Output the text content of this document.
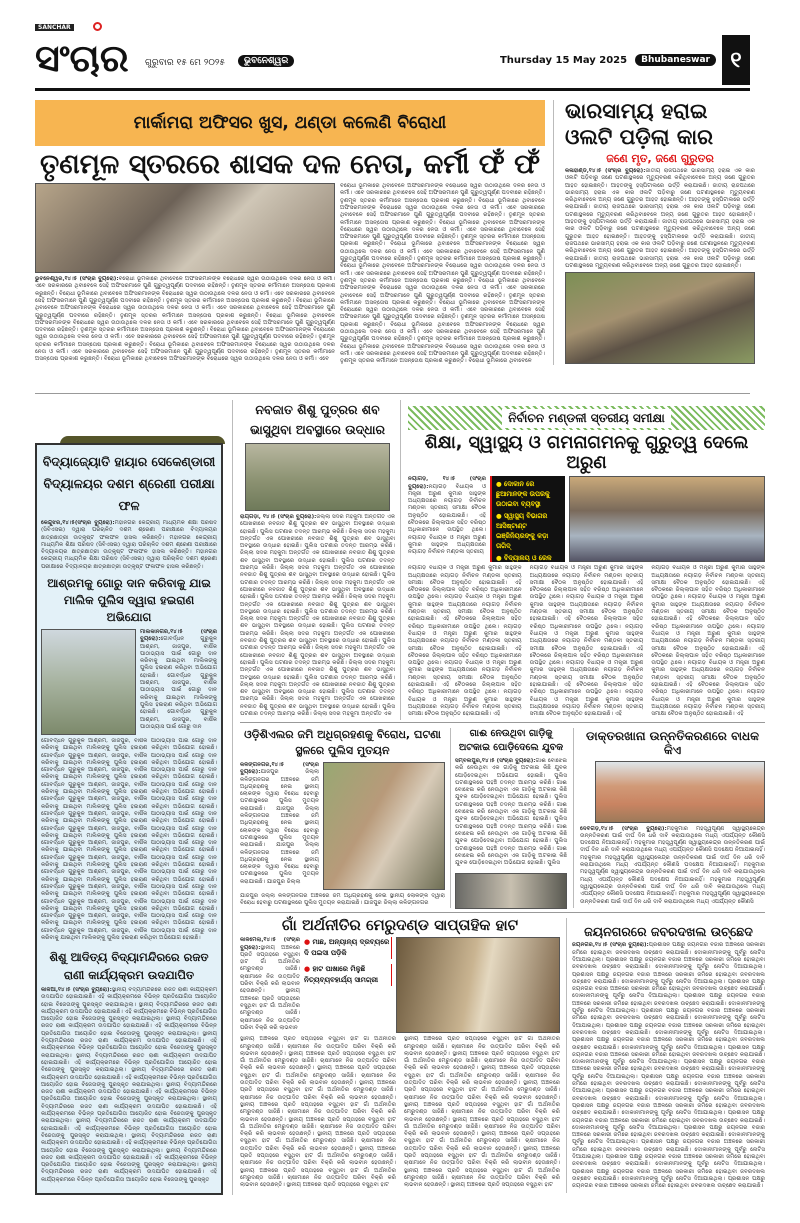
SANCHAR
ସଂଚାର ଗୁରୁବାର ୧୫ ମେ ୨୦୨୫	ଭୁବନେଶ୍ୱର	Thursday 15 May 2025	Bhubaneswar ୧
ମାର୍କାମରା ଅଫିସର ଖୁସ, ଥଣ୍ଡା କଲେଣି ବିରୋଧୀ
ତୃଣମୂଳ ସ୍ତରରେ ଶାସକ ଦଳ ନେତା, କର୍ମୀ ଫଁ ଫଁ
ଭୁବନେଶ୍ୱର,୧୪।୫ (ସଂଚାର ବ୍ୟୁରୋ):ବିରୋଧୀ ଭୂମିକାରେ ଥିବାବେଳେ ଅଫିସରମାନଙ୍କ ବିରୋଧରେ ସ୍ୱର ଉଠାଉଥିଲେ ଦଳର ନେତା ଓ କର୍ମୀ। ଏବେ ସରକାରରେ ଥିବାବେଳେ ସେହି ଅଫିସରମାନେ ପୁଣି ଗୁରୁତ୍ୱପୂର୍ଣ୍ଣ ପଦବୀରେ ରହିଛନ୍ତି। ତୃଣମୂଳ ସ୍ତରର କର୍ମୀମାନେ ଅସନ୍ତୋଷ ପ୍ରକାଶ କରୁଛନ୍ତି। ବିରୋଧୀ ଭୂମିକାରେ ଥିବାବେଳେ ଅଫିସରମାନଙ୍କ ବିରୋଧରେ ସ୍ୱର ଉଠାଉଥିଲେ ଦଳର ନେତା ଓ କର୍ମୀ। ଏବେ ସରକାରରେ ଥିବାବେଳେ ସେହି ଅଫିସରମାନେ ପୁଣି ଗୁରୁତ୍ୱପୂର୍ଣ୍ଣ ପଦବୀରେ ରହିଛନ୍ତି। ତୃଣମୂଳ ସ୍ତରର କର୍ମୀମାନେ ଅସନ୍ତୋଷ ପ୍ରକାଶ କରୁଛନ୍ତି। ବିରୋଧୀ ଭୂମିକାରେ ଥିବାବେଳେ ଅଫିସରମାନଙ୍କ ବିରୋଧରେ ସ୍ୱର ଉଠାଉଥିଲେ ଦଳର ନେତା ଓ କର୍ମୀ। ଏବେ ସରକାରରେ ଥିବାବେଳେ ସେହି ଅଫିସରମାନେ ପୁଣି ଗୁରୁତ୍ୱପୂର୍ଣ୍ଣ ପଦବୀରେ ରହିଛନ୍ତି। ତୃଣମୂଳ ସ୍ତରର କର୍ମୀମାନେ ଅସନ୍ତୋଷ ପ୍ରକାଶ କରୁଛନ୍ତି। ବିରୋଧୀ ଭୂମିକାରେ ଥିବାବେଳେ ଅଫିସରମାନଙ୍କ ବିରୋଧରେ ସ୍ୱର ଉଠାଉଥିଲେ ଦଳର ନେତା ଓ କର୍ମୀ। ଏବେ ସରକାରରେ ଥିବାବେଳେ ସେହି ଅଫିସରମାନେ ପୁଣି ଗୁରୁତ୍ୱପୂର୍ଣ୍ଣ ପଦବୀରେ ରହିଛନ୍ତି। ତୃଣମୂଳ ସ୍ତରର କର୍ମୀମାନେ ଅସନ୍ତୋଷ ପ୍ରକାଶ କରୁଛନ୍ତି। ବିରୋଧୀ ଭୂମିକାରେ ଥିବାବେଳେ ଅଫିସରମାନଙ୍କ ବିରୋଧରେ ସ୍ୱର ଉଠାଉଥିଲେ ଦଳର ନେତା ଓ କର୍ମୀ। ଏବେ ସରକାରରେ ଥିବାବେଳେ ସେହି ଅଫିସରମାନେ ପୁଣି ଗୁରୁତ୍ୱପୂର୍ଣ୍ଣ ପଦବୀରେ ରହିଛନ୍ତି। ତୃଣମୂଳ ସ୍ତରର କର୍ମୀମାନେ ଅସନ୍ତୋଷ ପ୍ରକାଶ କରୁଛନ୍ତି। ବିରୋଧୀ ଭୂମିକାରେ ଥିବାବେଳେ ଅଫିସରମାନଙ୍କ ବିରୋଧରେ ସ୍ୱର ଉଠାଉଥିଲେ ଦଳର ନେତା ଓ କର୍ମୀ। ଏବେ ସରକାରରେ ଥିବାବେଳେ ସେହି ଅଫିସରମାନେ ପୁଣି ଗୁରୁତ୍ୱପୂର୍ଣ୍ଣ ପଦବୀରେ ରହିଛନ୍ତି। ତୃଣମୂଳ ସ୍ତରର କର୍ମୀମାନେ ଅସନ୍ତୋଷ ପ୍ରକାଶ କରୁଛନ୍ତି। ବିରୋଧୀ ଭୂମିକାରେ ଥିବାବେଳେ ଅଫିସରମାନଙ୍କ ବିରୋଧରେ ସ୍ୱର ଉଠାଉଥିଲେ ଦଳର ନେତା ଓ କର୍ମୀ। ଏବେ
ବିରୋଧୀ ଭୂମିକାରେ ଥିବାବେଳେ ଅଫିସରମାନଙ୍କ ବିରୋଧରେ ସ୍ୱର ଉଠାଉଥିଲେ ଦଳର ନେତା ଓ କର୍ମୀ। ଏବେ ସରକାରରେ ଥିବାବେଳେ ସେହି ଅଫିସରମାନେ ପୁଣି ଗୁରୁତ୍ୱପୂର୍ଣ୍ଣ ପଦବୀରେ ରହିଛନ୍ତି। ତୃଣମୂଳ ସ୍ତରର କର୍ମୀମାନେ ଅସନ୍ତୋଷ ପ୍ରକାଶ କରୁଛନ୍ତି। ବିରୋଧୀ ଭୂମିକାରେ ଥିବାବେଳେ ଅଫିସରମାନଙ୍କ ବିରୋଧରେ ସ୍ୱର ଉଠାଉଥିଲେ ଦଳର ନେତା ଓ କର୍ମୀ। ଏବେ ସରକାରରେ ଥିବାବେଳେ ସେହି ଅଫିସରମାନେ ପୁଣି ଗୁରୁତ୍ୱପୂର୍ଣ୍ଣ ପଦବୀରେ ରହିଛନ୍ତି। ତୃଣମୂଳ ସ୍ତରର କର୍ମୀମାନେ ଅସନ୍ତୋଷ ପ୍ରକାଶ କରୁଛନ୍ତି। ବିରୋଧୀ ଭୂମିକାରେ ଥିବାବେଳେ ଅଫିସରମାନଙ୍କ ବିରୋଧରେ ସ୍ୱର ଉଠାଉଥିଲେ ଦଳର ନେତା ଓ କର୍ମୀ। ଏବେ ସରକାରରେ ଥିବାବେଳେ ସେହି ଅଫିସରମାନେ ପୁଣି ଗୁରୁତ୍ୱପୂର୍ଣ୍ଣ ପଦବୀରେ ରହିଛନ୍ତି। ତୃଣମୂଳ ସ୍ତରର କର୍ମୀମାନେ ଅସନ୍ତୋଷ ପ୍ରକାଶ କରୁଛନ୍ତି। ବିରୋଧୀ ଭୂମିକାରେ ଥିବାବେଳେ ଅଫିସରମାନଙ୍କ ବିରୋଧରେ ସ୍ୱର ଉଠାଉଥିଲେ ଦଳର ନେତା ଓ କର୍ମୀ। ଏବେ ସରକାରରେ ଥିବାବେଳେ ସେହି ଅଫିସରମାନେ ପୁଣି ଗୁରୁତ୍ୱପୂର୍ଣ୍ଣ ପଦବୀରେ ରହିଛନ୍ତି। ତୃଣମୂଳ ସ୍ତରର କର୍ମୀମାନେ ଅସନ୍ତୋଷ ପ୍ରକାଶ କରୁଛନ୍ତି। ବିରୋଧୀ ଭୂମିକାରେ ଥିବାବେଳେ ଅଫିସରମାନଙ୍କ ବିରୋଧରେ ସ୍ୱର ଉଠାଉଥିଲେ ଦଳର ନେତା ଓ କର୍ମୀ। ଏବେ ସରକାରରେ ଥିବାବେଳେ ସେହି ଅଫିସରମାନେ ପୁଣି ଗୁରୁତ୍ୱପୂର୍ଣ୍ଣ ପଦବୀରେ ରହିଛନ୍ତି। ତୃଣମୂଳ ସ୍ତରର କର୍ମୀମାନେ ଅସନ୍ତୋଷ ପ୍ରକାଶ କରୁଛନ୍ତି। ବିରୋଧୀ ଭୂମିକାରେ ଥିବାବେଳେ ଅଫିସରମାନଙ୍କ ବିରୋଧରେ ସ୍ୱର ଉଠାଉଥିଲେ ଦଳର ନେତା ଓ କର୍ମୀ। ଏବେ ସରକାରରେ ଥିବାବେଳେ ସେହି ଅଫିସରମାନେ ପୁଣି ଗୁରୁତ୍ୱପୂର୍ଣ୍ଣ ପଦବୀରେ ରହିଛନ୍ତି। ତୃଣମୂଳ ସ୍ତରର କର୍ମୀମାନେ ଅସନ୍ତୋଷ ପ୍ରକାଶ କରୁଛନ୍ତି। ବିରୋଧୀ ଭୂମିକାରେ ଥିବାବେଳେ ଅଫିସରମାନଙ୍କ ବିରୋଧରେ ସ୍ୱର ଉଠାଉଥିଲେ ଦଳର ନେତା ଓ କର୍ମୀ। ଏବେ ସରକାରରେ ଥିବାବେଳେ ସେହି ଅଫିସରମାନେ ପୁଣି ଗୁରୁତ୍ୱପୂର୍ଣ୍ଣ ପଦବୀରେ ରହିଛନ୍ତି। ତୃଣମୂଳ ସ୍ତରର କର୍ମୀମାନେ ଅସନ୍ତୋଷ ପ୍ରକାଶ କରୁଛନ୍ତି। ବିରୋଧୀ ଭୂମିକାରେ ଥିବାବେଳେ ଅଫିସରମାନଙ୍କ ବିରୋଧରେ ସ୍ୱର ଉଠାଉଥିଲେ ଦଳର ନେତା ଓ କର୍ମୀ। ଏବେ ସରକାରରେ ଥିବାବେଳେ ସେହି ଅଫିସରମାନେ ପୁଣି ଗୁରୁତ୍ୱପୂର୍ଣ୍ଣ ପଦବୀରେ ରହିଛନ୍ତି। ତୃଣମୂଳ ସ୍ତରର କର୍ମୀମାନେ ଅସନ୍ତୋଷ ପ୍ରକାଶ କରୁଛନ୍ତି। ବିରୋଧୀ ଭୂମିକାରେ ଥିବାବେଳେ ଅଫିସରମାନଙ୍କ ବିରୋଧରେ ସ୍ୱର ଉଠାଉଥିଲେ ଦଳର ନେତା ଓ କର୍ମୀ। ଏବେ ସରକାରରେ ଥିବାବେଳେ ସେହି ଅଫିସରମାନେ ପୁଣି ଗୁରୁତ୍ୱପୂର୍ଣ୍ଣ ପଦବୀରେ ରହିଛନ୍ତି। ତୃଣମୂଳ ସ୍ତରର କର୍ମୀମାନେ ଅସନ୍ତୋଷ ପ୍ରକାଶ କରୁଛନ୍ତି। ବିରୋଧୀ ଭୂମିକାରେ ଥିବାବେଳେ
ଭାରସାମ୍ୟ ହରାଇ ଓଲଟି ପଡ଼ିଲା କାର
ଜଣେ ମୃତ, ଜଣେ ଗୁରୁତର
କଳାହାଣ୍ଡି,୧୪।୫ (ସଂଚାର ବ୍ୟୁରୋ):ଜାତୀୟ ରାଜପଥରେ ଭାରସାମ୍ୟ ହରାଇ ଏକ କାର ଓଲଟି ପଡ଼ିବାରୁ ଜଣେ ଘଟଣାସ୍ଥଳରେ ମୃତ୍ୟୁବରଣ କରିଥିବାବେଳେ ଅନ୍ୟ ଜଣେ ଗୁରୁତର ଆହତ ହୋଇଛନ୍ତି। ଆହତଙ୍କୁ ହସ୍ପିଟାଲରେ ଭର୍ତ୍ତି କରାଯାଇଛି। ଜାତୀୟ ରାଜପଥରେ ଭାରସାମ୍ୟ ହରାଇ ଏକ କାର ଓଲଟି ପଡ଼ିବାରୁ ଜଣେ ଘଟଣାସ୍ଥଳରେ ମୃତ୍ୟୁବରଣ କରିଥିବାବେଳେ ଅନ୍ୟ ଜଣେ ଗୁରୁତର ଆହତ ହୋଇଛନ୍ତି। ଆହତଙ୍କୁ ହସ୍ପିଟାଲରେ ଭର୍ତ୍ତି କରାଯାଇଛି। ଜାତୀୟ ରାଜପଥରେ ଭାରସାମ୍ୟ ହରାଇ ଏକ କାର ଓଲଟି ପଡ଼ିବାରୁ ଜଣେ ଘଟଣାସ୍ଥଳରେ ମୃତ୍ୟୁବରଣ କରିଥିବାବେଳେ ଅନ୍ୟ ଜଣେ ଗୁରୁତର ଆହତ ହୋଇଛନ୍ତି। ଆହତଙ୍କୁ ହସ୍ପିଟାଲରେ ଭର୍ତ୍ତି କରାଯାଇଛି। ଜାତୀୟ ରାଜପଥରେ ଭାରସାମ୍ୟ ହରାଇ ଏକ କାର ଓଲଟି ପଡ଼ିବାରୁ ଜଣେ ଘଟଣାସ୍ଥଳରେ ମୃତ୍ୟୁବରଣ କରିଥିବାବେଳେ ଅନ୍ୟ ଜଣେ ଗୁରୁତର ଆହତ ହୋଇଛନ୍ତି। ଆହତଙ୍କୁ ହସ୍ପିଟାଲରେ ଭର୍ତ୍ତି କରାଯାଇଛି। ଜାତୀୟ ରାଜପଥରେ ଭାରସାମ୍ୟ ହରାଇ ଏକ କାର ଓଲଟି ପଡ଼ିବାରୁ ଜଣେ ଘଟଣାସ୍ଥଳରେ ମୃତ୍ୟୁବରଣ କରିଥିବାବେଳେ ଅନ୍ୟ ଜଣେ ଗୁରୁତର ଆହତ ହୋଇଛନ୍ତି। ଆହତଙ୍କୁ ହସ୍ପିଟାଲରେ ଭର୍ତ୍ତି କରାଯାଇଛି। ଜାତୀୟ ରାଜପଥରେ ଭାରସାମ୍ୟ ହରାଇ ଏକ କାର ଓଲଟି ପଡ଼ିବାରୁ ଜଣେ ଘଟଣାସ୍ଥଳରେ ମୃତ୍ୟୁବରଣ କରିଥିବାବେଳେ ଅନ୍ୟ ଜଣେ ଗୁରୁତର ଆହତ ହୋଇଛନ୍ତି।
ବିଦ୍ୟାଜ୍ୟୋତି ହାୟାର ସେକେଣ୍ଡାରୀ ବିଦ୍ୟାଳୟର ଦଶମ ଶ୍ରେଣୀ ପରୀକ୍ଷା ଫଳ
କେନ୍ଦୁଝର,୧୪।୫(ସଂଚାର ବ୍ୟୁରୋ):ମହାନଗର କେନ୍ଦ୍ରୀୟ ମାଧ୍ୟମିକ ଶିକ୍ଷା ପରିଷଦ (ସିବିଏସଇ) ଦ୍ୱାରା ପରିଚାଳିତ ଦଶମ ଶ୍ରେଣୀ ପରୀକ୍ଷାରେ ବିଦ୍ୟାଳୟର ଛାତ୍ରଛାତ୍ରୀ ଉତ୍କୃଷ୍ଟ ଫଳାଫଳ ହାସଲ କରିଛନ୍ତି। ମହାନଗର କେନ୍ଦ୍ରୀୟ ମାଧ୍ୟମିକ ଶିକ୍ଷା ପରିଷଦ (ସିବିଏସଇ) ଦ୍ୱାରା ପରିଚାଳିତ ଦଶମ ଶ୍ରେଣୀ ପରୀକ୍ଷାରେ ବିଦ୍ୟାଳୟର ଛାତ୍ରଛାତ୍ରୀ ଉତ୍କୃଷ୍ଟ ଫଳାଫଳ ହାସଲ କରିଛନ୍ତି। ମହାନଗର କେନ୍ଦ୍ରୀୟ ମାଧ୍ୟମିକ ଶିକ୍ଷା ପରିଷଦ (ସିବିଏସଇ) ଦ୍ୱାରା ପରିଚାଳିତ ଦଶମ ଶ୍ରେଣୀ ପରୀକ୍ଷାରେ ବିଦ୍ୟାଳୟର ଛାତ୍ରଛାତ୍ରୀ ଉତ୍କୃଷ୍ଟ ଫଳାଫଳ ହାସଲ କରିଛନ୍ତି।
ଆଶ୍ରମକୁ ଗୋରୁ ଦାନ କରିବାକୁ ଯାଇ ମାଲିକ ପୁଲିସ ଦ୍ୱାରା ହଇରାଣ ଅଭିଯୋଗ
ମାଲକାନଗିରି,୧୪।୫ (ସଂଚାର ବ୍ୟୁରୋ):ଗୋବର୍ଦ୍ଧନ ଗୁରୁକୁଳ ଆଶ୍ରମ, ଜାଜପୁର, ବାର୍ଷିକ ପାଠାଭ୍ୟାସ ପାଇଁ ଗୋରୁ ଦାନ କରିବାକୁ ଯାଇଥିବା ମାଲିକଙ୍କୁ ପୁଲିସ ହଇରାଣ କରିଥିବା ଅଭିଯୋଗ ହୋଇଛି। ଗୋବର୍ଦ୍ଧନ ଗୁରୁକୁଳ ଆଶ୍ରମ, ଜାଜପୁର, ବାର୍ଷିକ ପାଠାଭ୍ୟାସ ପାଇଁ ଗୋରୁ ଦାନ କରିବାକୁ ଯାଇଥିବା ମାଲିକଙ୍କୁ ପୁଲିସ ହଇରାଣ କରିଥିବା ଅଭିଯୋଗ ହୋଇଛି। ଗୋବର୍ଦ୍ଧନ ଗୁରୁକୁଳ ଆଶ୍ରମ, ଜାଜପୁର, ବାର୍ଷିକ ପାଠାଭ୍ୟାସ ପାଇଁ ଗୋରୁ ଦାନ
ଗୋବର୍ଦ୍ଧନ ଗୁରୁକୁଳ ଆଶ୍ରମ, ଜାଜପୁର, ବାର୍ଷିକ ପାଠାଭ୍ୟାସ ପାଇଁ ଗୋରୁ ଦାନ କରିବାକୁ ଯାଇଥିବା ମାଲିକଙ୍କୁ ପୁଲିସ ହଇରାଣ କରିଥିବା ଅଭିଯୋଗ ହୋଇଛି। ଗୋବର୍ଦ୍ଧନ ଗୁରୁକୁଳ ଆଶ୍ରମ, ଜାଜପୁର, ବାର୍ଷିକ ପାଠାଭ୍ୟାସ ପାଇଁ ଗୋରୁ ଦାନ କରିବାକୁ ଯାଇଥିବା ମାଲିକଙ୍କୁ ପୁଲିସ ହଇରାଣ କରିଥିବା ଅଭିଯୋଗ ହୋଇଛି। ଗୋବର୍ଦ୍ଧନ ଗୁରୁକୁଳ ଆଶ୍ରମ, ଜାଜପୁର, ବାର୍ଷିକ ପାଠାଭ୍ୟାସ ପାଇଁ ଗୋରୁ ଦାନ କରିବାକୁ ଯାଇଥିବା ମାଲିକଙ୍କୁ ପୁଲିସ ହଇରାଣ କରିଥିବା ଅଭିଯୋଗ ହୋଇଛି। ଗୋବର୍ଦ୍ଧନ ଗୁରୁକୁଳ ଆଶ୍ରମ, ଜାଜପୁର, ବାର୍ଷିକ ପାଠାଭ୍ୟାସ ପାଇଁ ଗୋରୁ ଦାନ କରିବାକୁ ଯାଇଥିବା ମାଲିକଙ୍କୁ ପୁଲିସ ହଇରାଣ କରିଥିବା ଅଭିଯୋଗ ହୋଇଛି। ଗୋବର୍ଦ୍ଧନ ଗୁରୁକୁଳ ଆଶ୍ରମ, ଜାଜପୁର, ବାର୍ଷିକ ପାଠାଭ୍ୟାସ ପାଇଁ ଗୋରୁ ଦାନ କରିବାକୁ ଯାଇଥିବା ମାଲିକଙ୍କୁ ପୁଲିସ ହଇରାଣ କରିଥିବା ଅଭିଯୋଗ ହୋଇଛି। ଗୋବର୍ଦ୍ଧନ ଗୁରୁକୁଳ ଆଶ୍ରମ, ଜାଜପୁର, ବାର୍ଷିକ ପାଠାଭ୍ୟାସ ପାଇଁ ଗୋରୁ ଦାନ କରିବାକୁ ଯାଇଥିବା ମାଲିକଙ୍କୁ ପୁଲିସ ହଇରାଣ କରିଥିବା ଅଭିଯୋଗ ହୋଇଛି। ଗୋବର୍ଦ୍ଧନ ଗୁରୁକୁଳ ଆଶ୍ରମ, ଜାଜପୁର, ବାର୍ଷିକ ପାଠାଭ୍ୟାସ ପାଇଁ ଗୋରୁ ଦାନ କରିବାକୁ ଯାଇଥିବା ମାଲିକଙ୍କୁ ପୁଲିସ ହଇରାଣ କରିଥିବା ଅଭିଯୋଗ ହୋଇଛି। ଗୋବର୍ଦ୍ଧନ ଗୁରୁକୁଳ ଆଶ୍ରମ, ଜାଜପୁର, ବାର୍ଷିକ ପାଠାଭ୍ୟାସ ପାଇଁ ଗୋରୁ ଦାନ କରିବାକୁ ଯାଇଥିବା ମାଲିକଙ୍କୁ ପୁଲିସ ହଇରାଣ କରିଥିବା ଅଭିଯୋଗ ହୋଇଛି। ଗୋବର୍ଦ୍ଧନ ଗୁରୁକୁଳ ଆଶ୍ରମ, ଜାଜପୁର, ବାର୍ଷିକ ପାଠାଭ୍ୟାସ ପାଇଁ ଗୋରୁ ଦାନ କରିବାକୁ ଯାଇଥିବା ମାଲିକଙ୍କୁ ପୁଲିସ ହଇରାଣ କରିଥିବା ଅଭିଯୋଗ ହୋଇଛି। ଗୋବର୍ଦ୍ଧନ ଗୁରୁକୁଳ ଆଶ୍ରମ, ଜାଜପୁର, ବାର୍ଷିକ ପାଠାଭ୍ୟାସ ପାଇଁ ଗୋରୁ ଦାନ କରିବାକୁ ଯାଇଥିବା ମାଲିକଙ୍କୁ ପୁଲିସ ହଇରାଣ କରିଥିବା ଅଭିଯୋଗ ହୋଇଛି। ଗୋବର୍ଦ୍ଧନ ଗୁରୁକୁଳ ଆଶ୍ରମ, ଜାଜପୁର, ବାର୍ଷିକ ପାଠାଭ୍ୟାସ ପାଇଁ ଗୋରୁ ଦାନ କରିବାକୁ ଯାଇଥିବା ମାଲିକଙ୍କୁ ପୁଲିସ ହଇରାଣ କରିଥିବା ଅଭିଯୋଗ ହୋଇଛି। ଗୋବର୍ଦ୍ଧନ ଗୁରୁକୁଳ ଆଶ୍ରମ, ଜାଜପୁର, ବାର୍ଷିକ ପାଠାଭ୍ୟାସ ପାଇଁ ଗୋରୁ ଦାନ କରିବାକୁ ଯାଇଥିବା ମାଲିକଙ୍କୁ ପୁଲିସ ହଇରାଣ କରିଥିବା ଅଭିଯୋଗ ହୋଇଛି। ଗୋବର୍ଦ୍ଧନ ଗୁରୁକୁଳ ଆଶ୍ରମ, ଜାଜପୁର, ବାର୍ଷିକ ପାଠାଭ୍ୟାସ ପାଇଁ ଗୋରୁ ଦାନ କରିବାକୁ ଯାଇଥିବା ମାଲିକଙ୍କୁ ପୁଲିସ ହଇରାଣ କରିଥିବା ଅଭିଯୋଗ ହୋଇଛି। ଗୋବର୍ଦ୍ଧନ ଗୁରୁକୁଳ ଆଶ୍ରମ, ଜାଜପୁର, ବାର୍ଷିକ ପାଠାଭ୍ୟାସ ପାଇଁ ଗୋରୁ ଦାନ କରିବାକୁ ଯାଇଥିବା ମାଲିକଙ୍କୁ ପୁଲିସ ହଇରାଣ କରିଥିବା ଅଭିଯୋଗ ହୋଇଛି।
ଶିଶୁ ଆଦିତ୍ୟ ବିଦ୍ୟାମନ୍ଦିରରେ ରଜତ ରାଣୀ କାର୍ଯ୍ୟକ୍ରମ ଉଦଯାପିତ
କାଳିଆ,୧୪।୫ (ସଂଚାର ବ୍ୟୁରୋ):ସ୍ଥାନୀୟ ବିଦ୍ୟାମନ୍ଦିରରେ ରଜତ ରାଣୀ କାର୍ଯ୍ୟକ୍ରମ ଉଦଯାପିତ ହୋଇଯାଇଛି। ଏହି କାର୍ଯ୍ୟକ୍ରମରେ ବିଭିନ୍ନ ପ୍ରତିଯୋଗିତା ଆୟୋଜିତ ହୋଇ ବିଜେତାଙ୍କୁ ପୁରସ୍କୃତ କରାଯାଇଥିଲା। ସ୍ଥାନୀୟ ବିଦ୍ୟାମନ୍ଦିରରେ ରଜତ ରାଣୀ କାର୍ଯ୍ୟକ୍ରମ ଉଦଯାପିତ ହୋଇଯାଇଛି। ଏହି କାର୍ଯ୍ୟକ୍ରମରେ ବିଭିନ୍ନ ପ୍ରତିଯୋଗିତା ଆୟୋଜିତ ହୋଇ ବିଜେତାଙ୍କୁ ପୁରସ୍କୃତ କରାଯାଇଥିଲା। ସ୍ଥାନୀୟ ବିଦ୍ୟାମନ୍ଦିରରେ ରଜତ ରାଣୀ କାର୍ଯ୍ୟକ୍ରମ ଉଦଯାପିତ ହୋଇଯାଇଛି। ଏହି କାର୍ଯ୍ୟକ୍ରମରେ ବିଭିନ୍ନ ପ୍ରତିଯୋଗିତା ଆୟୋଜିତ ହୋଇ ବିଜେତାଙ୍କୁ ପୁରସ୍କୃତ କରାଯାଇଥିଲା। ସ୍ଥାନୀୟ ବିଦ୍ୟାମନ୍ଦିରରେ ରଜତ ରାଣୀ କାର୍ଯ୍ୟକ୍ରମ ଉଦଯାପିତ ହୋଇଯାଇଛି। ଏହି କାର୍ଯ୍ୟକ୍ରମରେ ବିଭିନ୍ନ ପ୍ରତିଯୋଗିତା ଆୟୋଜିତ ହୋଇ ବିଜେତାଙ୍କୁ ପୁରସ୍କୃତ କରାଯାଇଥିଲା। ସ୍ଥାନୀୟ ବିଦ୍ୟାମନ୍ଦିରରେ ରଜତ ରାଣୀ କାର୍ଯ୍ୟକ୍ରମ ଉଦଯାପିତ ହୋଇଯାଇଛି। ଏହି କାର୍ଯ୍ୟକ୍ରମରେ ବିଭିନ୍ନ ପ୍ରତିଯୋଗିତା ଆୟୋଜିତ ହୋଇ ବିଜେତାଙ୍କୁ ପୁରସ୍କୃତ କରାଯାଇଥିଲା। ସ୍ଥାନୀୟ ବିଦ୍ୟାମନ୍ଦିରରେ ରଜତ ରାଣୀ କାର୍ଯ୍ୟକ୍ରମ ଉଦଯାପିତ ହୋଇଯାଇଛି। ଏହି କାର୍ଯ୍ୟକ୍ରମରେ ବିଭିନ୍ନ ପ୍ରତିଯୋଗିତା ଆୟୋଜିତ ହୋଇ ବିଜେତାଙ୍କୁ ପୁରସ୍କୃତ କରାଯାଇଥିଲା। ସ୍ଥାନୀୟ ବିଦ୍ୟାମନ୍ଦିରରେ ରଜତ ରାଣୀ କାର୍ଯ୍ୟକ୍ରମ ଉଦଯାପିତ ହୋଇଯାଇଛି। ଏହି କାର୍ଯ୍ୟକ୍ରମରେ ବିଭିନ୍ନ ପ୍ରତିଯୋଗିତା ଆୟୋଜିତ ହୋଇ ବିଜେତାଙ୍କୁ ପୁରସ୍କୃତ କରାଯାଇଥିଲା। ସ୍ଥାନୀୟ ବିଦ୍ୟାମନ୍ଦିରରେ ରଜତ ରାଣୀ କାର୍ଯ୍ୟକ୍ରମ ଉଦଯାପିତ ହୋଇଯାଇଛି। ଏହି କାର୍ଯ୍ୟକ୍ରମରେ ବିଭିନ୍ନ ପ୍ରତିଯୋଗିତା ଆୟୋଜିତ ହୋଇ ବିଜେତାଙ୍କୁ ପୁରସ୍କୃତ କରାଯାଇଥିଲା। ସ୍ଥାନୀୟ ବିଦ୍ୟାମନ୍ଦିରରେ ରଜତ ରାଣୀ କାର୍ଯ୍ୟକ୍ରମ ଉଦଯାପିତ ହୋଇଯାଇଛି। ଏହି କାର୍ଯ୍ୟକ୍ରମରେ ବିଭିନ୍ନ ପ୍ରତିଯୋଗିତା ଆୟୋଜିତ ହୋଇ ବିଜେତାଙ୍କୁ ପୁରସ୍କୃତ କରାଯାଇଥିଲା। ସ୍ଥାନୀୟ ବିଦ୍ୟାମନ୍ଦିରରେ ରଜତ ରାଣୀ କାର୍ଯ୍ୟକ୍ରମ ଉଦଯାପିତ ହୋଇଯାଇଛି। ଏହି କାର୍ଯ୍ୟକ୍ରମରେ ବିଭିନ୍ନ ପ୍ରତିଯୋଗିତା ଆୟୋଜିତ ହୋଇ ବିଜେତାଙ୍କୁ ପୁରସ୍କୃତ କରାଯାଇଥିଲା। ସ୍ଥାନୀୟ ବିଦ୍ୟାମନ୍ଦିରରେ ରଜତ ରାଣୀ କାର୍ଯ୍ୟକ୍ରମ ଉଦଯାପିତ ହୋଇଯାଇଛି। ଏହି କାର୍ଯ୍ୟକ୍ରମରେ ବିଭିନ୍ନ ପ୍ରତିଯୋଗିତା ଆୟୋଜିତ ହୋଇ ବିଜେତାଙ୍କୁ ପୁରସ୍କୃତ କରାଯାଇଥିଲା। ସ୍ଥାନୀୟ ବିଦ୍ୟାମନ୍ଦିରରେ ରଜତ ରାଣୀ କାର୍ଯ୍ୟକ୍ରମ ଉଦଯାପିତ ହୋଇଯାଇଛି। ଏହି କାର୍ଯ୍ୟକ୍ରମରେ ବିଭିନ୍ନ ପ୍ରତିଯୋଗିତା ଆୟୋଜିତ ହୋଇ ବିଜେତାଙ୍କୁ ପୁରସ୍କୃତ
ନବଜାତ ଶିଶୁ ପୁତ୍ରର ଶବ ଭାସୁଥିବା ଅବସ୍ଥାରେ ଉଦ୍ଧାର
ରାୟଗଡ଼ା, ୧୪।୫ (ସଂଚାର ବ୍ୟୁରୋ):ଜିଲ୍ଲା ସଦର ମହକୁମା ଅନ୍ତର୍ଗତ ଏକ ପୋଖରୀରେ ନବଜାତ ଶିଶୁ ପୁତ୍ରର ଶବ ଭାସୁଥିବା ଅବସ୍ଥାରେ ଉଦ୍ଧାର ହୋଇଛି। ପୁଲିସ ଘଟଣାର ତଦନ୍ତ ଆରମ୍ଭ କରିଛି। ଜିଲ୍ଲା ସଦର ମହକୁମା ଅନ୍ତର୍ଗତ ଏକ ପୋଖରୀରେ ନବଜାତ ଶିଶୁ ପୁତ୍ରର ଶବ ଭାସୁଥିବା ଅବସ୍ଥାରେ ଉଦ୍ଧାର ହୋଇଛି। ପୁଲିସ ଘଟଣାର ତଦନ୍ତ ଆରମ୍ଭ କରିଛି। ଜିଲ୍ଲା ସଦର ମହକୁମା ଅନ୍ତର୍ଗତ ଏକ ପୋଖରୀରେ ନବଜାତ ଶିଶୁ ପୁତ୍ରର ଶବ ଭାସୁଥିବା ଅବସ୍ଥାରେ ଉଦ୍ଧାର ହୋଇଛି। ପୁଲିସ ଘଟଣାର ତଦନ୍ତ ଆରମ୍ଭ କରିଛି। ଜିଲ୍ଲା ସଦର ମହକୁମା ଅନ୍ତର୍ଗତ ଏକ ପୋଖରୀରେ ନବଜାତ ଶିଶୁ ପୁତ୍ରର ଶବ ଭାସୁଥିବା ଅବସ୍ଥାରେ ଉଦ୍ଧାର ହୋଇଛି। ପୁଲିସ ଘଟଣାର ତଦନ୍ତ ଆରମ୍ଭ କରିଛି। ଜିଲ୍ଲା ସଦର ମହକୁମା ଅନ୍ତର୍ଗତ ଏକ ପୋଖରୀରେ ନବଜାତ ଶିଶୁ ପୁତ୍ରର ଶବ ଭାସୁଥିବା ଅବସ୍ଥାରେ ଉଦ୍ଧାର ହୋଇଛି। ପୁଲିସ ଘଟଣାର ତଦନ୍ତ ଆରମ୍ଭ କରିଛି। ଜିଲ୍ଲା ସଦର ମହକୁମା ଅନ୍ତର୍ଗତ ଏକ ପୋଖରୀରେ ନବଜାତ ଶିଶୁ ପୁତ୍ରର ଶବ ଭାସୁଥିବା ଅବସ୍ଥାରେ ଉଦ୍ଧାର ହୋଇଛି। ପୁଲିସ ଘଟଣାର ତଦନ୍ତ ଆରମ୍ଭ କରିଛି। ଜିଲ୍ଲା ସଦର ମହକୁମା ଅନ୍ତର୍ଗତ ଏକ ପୋଖରୀରେ ନବଜାତ ଶିଶୁ ପୁତ୍ରର ଶବ ଭାସୁଥିବା ଅବସ୍ଥାରେ ଉଦ୍ଧାର ହୋଇଛି। ପୁଲିସ ଘଟଣାର ତଦନ୍ତ ଆରମ୍ଭ କରିଛି। ଜିଲ୍ଲା ସଦର ମହକୁମା ଅନ୍ତର୍ଗତ ଏକ ପୋଖରୀରେ ନବଜାତ ଶିଶୁ ପୁତ୍ରର ଶବ ଭାସୁଥିବା ଅବସ୍ଥାରେ ଉଦ୍ଧାର ହୋଇଛି। ପୁଲିସ ଘଟଣାର ତଦନ୍ତ ଆରମ୍ଭ କରିଛି। ଜିଲ୍ଲା ସଦର ମହକୁମା ଅନ୍ତର୍ଗତ ଏକ ପୋଖରୀରେ ନବଜାତ ଶିଶୁ ପୁତ୍ରର ଶବ ଭାସୁଥିବା ଅବସ୍ଥାରେ ଉଦ୍ଧାର ହୋଇଛି। ପୁଲିସ ଘଟଣାର ତଦନ୍ତ ଆରମ୍ଭ କରିଛି। ଜିଲ୍ଲା ସଦର ମହକୁମା ଅନ୍ତର୍ଗତ ଏକ ପୋଖରୀରେ ନବଜାତ ଶିଶୁ ପୁତ୍ରର ଶବ ଭାସୁଥିବା ଅବସ୍ଥାରେ ଉଦ୍ଧାର ହୋଇଛି। ପୁଲିସ ଘଟଣାର ତଦନ୍ତ ଆରମ୍ଭ କରିଛି। ଜିଲ୍ଲା ସଦର ମହକୁମା ଅନ୍ତର୍ଗତ ଏକ ପୋଖରୀରେ ନବଜାତ ଶିଶୁ ପୁତ୍ରର ଶବ ଭାସୁଥିବା ଅବସ୍ଥାରେ ଉଦ୍ଧାର ହୋଇଛି। ପୁଲିସ ଘଟଣାର ତଦନ୍ତ ଆରମ୍ଭ କରିଛି। ଜିଲ୍ଲା ସଦର ମହକୁମା ଅନ୍ତର୍ଗତ ଏକ ପୋଖରୀରେ ନବଜାତ ଶିଶୁ ପୁତ୍ରର ଶବ ଭାସୁଥିବା ଅବସ୍ଥାରେ ଉଦ୍ଧାର ହୋଇଛି। ପୁଲିସ ଘଟଣାର ତଦନ୍ତ ଆରମ୍ଭ କରିଛି। ଜିଲ୍ଲା ସଦର ମହକୁମା ଅନ୍ତର୍ଗତ ଏକ
ନିର୍ବାଚନ ମଣ୍ଡଳୀ ସ୍ତରୀୟ ସମୀକ୍ଷା
ଶିକ୍ଷା, ସ୍ୱାସ୍ଥ୍ୟ ଓ ଗମନାଗମନକୁ ଗୁରୁତ୍ୱ ଦେଲେ ଅରୁଣ
ନୟାଗଡ଼, ୧୪।୫ (ସଂଚାର ବ୍ୟୁରୋ):ନୟାଗଡ଼ ବିଧାୟକ ଓ ମନ୍ତ୍ରୀ ଅରୁଣ କୁମାର ସାହୁଙ୍କ ଅଧ୍ୟକ୍ଷତାରେ ନୟାଗଡ଼ ନିର୍ବାଚନ ମଣ୍ଡଳୀ ସ୍ତରୀୟ ସମୀକ୍ଷା ବୈଠକ ଅନୁଷ୍ଠିତ ହୋଇଯାଇଛି। ଏହି ବୈଠକରେ ଜିଲ୍ଲାପାଳ ସହିତ ବରିଷ୍ଠ ଅଧିକାରୀମାନେ ଉପସ୍ଥିତ ଥିଲେ। ନୟାଗଡ଼ ବିଧାୟକ ଓ ମନ୍ତ୍ରୀ ଅରୁଣ କୁମାର ସାହୁଙ୍କ ଅଧ୍ୟକ୍ଷତାରେ ନୟାଗଡ଼ ନିର୍ବାଚନ ମଣ୍ଡଳୀ ସ୍ତରୀୟ
● ଦୋକାନ ରେ ଛୁଆମାନଙ୍କ ଉପରକୁ ଉଠାଇବା ବ୍ୟବସ୍ଥା
● ସ୍ୱାସ୍ଥ୍ୟ ବିଭାଗର ଆସିଷ୍ଟାଣ୍ଟ ଇଞ୍ଜିନିୟରଙ୍କୁ କଡ଼ା ତାଗିଦ୍
● ବିଦ୍ୟାଳୟ ଓ ରେଳ
ନୟାଗଡ଼ ବିଧାୟକ ଓ ମନ୍ତ୍ରୀ ଅରୁଣ କୁମାର ସାହୁଙ୍କ ଅଧ୍ୟକ୍ଷତାରେ ନୟାଗଡ଼ ନିର୍ବାଚନ ମଣ୍ଡଳୀ ସ୍ତରୀୟ ସମୀକ୍ଷା ବୈଠକ ଅନୁଷ୍ଠିତ ହୋଇଯାଇଛି। ଏହି ବୈଠକରେ ଜିଲ୍ଲାପାଳ ସହିତ ବରିଷ୍ଠ ଅଧିକାରୀମାନେ ଉପସ୍ଥିତ ଥିଲେ। ନୟାଗଡ଼ ବିଧାୟକ ଓ ମନ୍ତ୍ରୀ ଅରୁଣ କୁମାର ସାହୁଙ୍କ ଅଧ୍ୟକ୍ଷତାରେ ନୟାଗଡ଼ ନିର୍ବାଚନ ମଣ୍ଡଳୀ ସ୍ତରୀୟ ସମୀକ୍ଷା ବୈଠକ ଅନୁଷ୍ଠିତ ହୋଇଯାଇଛି। ଏହି ବୈଠକରେ ଜିଲ୍ଲାପାଳ ସହିତ ବରିଷ୍ଠ ଅଧିକାରୀମାନେ ଉପସ୍ଥିତ ଥିଲେ। ନୟାଗଡ଼ ବିଧାୟକ ଓ ମନ୍ତ୍ରୀ ଅରୁଣ କୁମାର ସାହୁଙ୍କ ଅଧ୍ୟକ୍ଷତାରେ ନୟାଗଡ଼ ନିର୍ବାଚନ ମଣ୍ଡଳୀ ସ୍ତରୀୟ ସମୀକ୍ଷା ବୈଠକ ଅନୁଷ୍ଠିତ ହୋଇଯାଇଛି। ଏହି ବୈଠକରେ ଜିଲ୍ଲାପାଳ ସହିତ ବରିଷ୍ଠ ଅଧିକାରୀମାନେ ଉପସ୍ଥିତ ଥିଲେ। ନୟାଗଡ଼ ବିଧାୟକ ଓ ମନ୍ତ୍ରୀ ଅରୁଣ କୁମାର ସାହୁଙ୍କ ଅଧ୍ୟକ୍ଷତାରେ ନୟାଗଡ଼ ନିର୍ବାଚନ ମଣ୍ଡଳୀ ସ୍ତରୀୟ ସମୀକ୍ଷା ବୈଠକ ଅନୁଷ୍ଠିତ ହୋଇଯାଇଛି। ଏହି ବୈଠକରେ ଜିଲ୍ଲାପାଳ ସହିତ ବରିଷ୍ଠ ଅଧିକାରୀମାନେ ଉପସ୍ଥିତ ଥିଲେ। ନୟାଗଡ଼ ବିଧାୟକ ଓ ମନ୍ତ୍ରୀ ଅରୁଣ କୁମାର ସାହୁଙ୍କ ଅଧ୍ୟକ୍ଷତାରେ ନୟାଗଡ଼ ନିର୍ବାଚନ ମଣ୍ଡଳୀ ସ୍ତରୀୟ ସମୀକ୍ଷା ବୈଠକ ଅନୁଷ୍ଠିତ ହୋଇଯାଇଛି। ଏହି
ନୟାଗଡ଼ ବିଧାୟକ ଓ ମନ୍ତ୍ରୀ ଅରୁଣ କୁମାର ସାହୁଙ୍କ ଅଧ୍ୟକ୍ଷତାରେ ନୟାଗଡ଼ ନିର୍ବାଚନ ମଣ୍ଡଳୀ ସ୍ତରୀୟ ସମୀକ୍ଷା ବୈଠକ ଅନୁଷ୍ଠିତ ହୋଇଯାଇଛି। ଏହି ବୈଠକରେ ଜିଲ୍ଲାପାଳ ସହିତ ବରିଷ୍ଠ ଅଧିକାରୀମାନେ ଉପସ୍ଥିତ ଥିଲେ। ନୟାଗଡ଼ ବିଧାୟକ ଓ ମନ୍ତ୍ରୀ ଅରୁଣ କୁମାର ସାହୁଙ୍କ ଅଧ୍ୟକ୍ଷତାରେ ନୟାଗଡ଼ ନିର୍ବାଚନ ମଣ୍ଡଳୀ ସ୍ତରୀୟ ସମୀକ୍ଷା ବୈଠକ ଅନୁଷ୍ଠିତ ହୋଇଯାଇଛି। ଏହି ବୈଠକରେ ଜିଲ୍ଲାପାଳ ସହିତ ବରିଷ୍ଠ ଅଧିକାରୀମାନେ ଉପସ୍ଥିତ ଥିଲେ। ନୟାଗଡ଼ ବିଧାୟକ ଓ ମନ୍ତ୍ରୀ ଅରୁଣ କୁମାର ସାହୁଙ୍କ ଅଧ୍ୟକ୍ଷତାରେ ନୟାଗଡ଼ ନିର୍ବାଚନ ମଣ୍ଡଳୀ ସ୍ତରୀୟ ସମୀକ୍ଷା ବୈଠକ ଅନୁଷ୍ଠିତ ହୋଇଯାଇଛି। ଏହି ବୈଠକରେ ଜିଲ୍ଲାପାଳ ସହିତ ବରିଷ୍ଠ ଅଧିକାରୀମାନେ ଉପସ୍ଥିତ ଥିଲେ। ନୟାଗଡ଼ ବିଧାୟକ ଓ ମନ୍ତ୍ରୀ ଅରୁଣ କୁମାର ସାହୁଙ୍କ ଅଧ୍ୟକ୍ଷତାରେ ନୟାଗଡ଼ ନିର୍ବାଚନ ମଣ୍ଡଳୀ ସ୍ତରୀୟ ସମୀକ୍ଷା ବୈଠକ ଅନୁଷ୍ଠିତ ହୋଇଯାଇଛି। ଏହି ବୈଠକରେ ଜିଲ୍ଲାପାଳ ସହିତ ବରିଷ୍ଠ ଅଧିକାରୀମାନେ ଉପସ୍ଥିତ ଥିଲେ। ନୟାଗଡ଼ ବିଧାୟକ ଓ ମନ୍ତ୍ରୀ ଅରୁଣ କୁମାର ସାହୁଙ୍କ ଅଧ୍ୟକ୍ଷତାରେ ନୟାଗଡ଼ ନିର୍ବାଚନ ମଣ୍ଡଳୀ ସ୍ତରୀୟ ସମୀକ୍ଷା ବୈଠକ ଅନୁଷ୍ଠିତ ହୋଇଯାଇଛି। ଏହି
ନୟାଗଡ଼ ବିଧାୟକ ଓ ମନ୍ତ୍ରୀ ଅରୁଣ କୁମାର ସାହୁଙ୍କ ଅଧ୍ୟକ୍ଷତାରେ ନୟାଗଡ଼ ନିର୍ବାଚନ ମଣ୍ଡଳୀ ସ୍ତରୀୟ ସମୀକ୍ଷା ବୈଠକ ଅନୁଷ୍ଠିତ ହୋଇଯାଇଛି। ଏହି ବୈଠକରେ ଜିଲ୍ଲାପାଳ ସହିତ ବରିଷ୍ଠ ଅଧିକାରୀମାନେ ଉପସ୍ଥିତ ଥିଲେ। ନୟାଗଡ଼ ବିଧାୟକ ଓ ମନ୍ତ୍ରୀ ଅରୁଣ କୁମାର ସାହୁଙ୍କ ଅଧ୍ୟକ୍ଷତାରେ ନୟାଗଡ଼ ନିର୍ବାଚନ ମଣ୍ଡଳୀ ସ୍ତରୀୟ ସମୀକ୍ଷା ବୈଠକ ଅନୁଷ୍ଠିତ ହୋଇଯାଇଛି। ଏହି ବୈଠକରେ ଜିଲ୍ଲାପାଳ ସହିତ ବରିଷ୍ଠ ଅଧିକାରୀମାନେ ଉପସ୍ଥିତ ଥିଲେ। ନୟାଗଡ଼ ବିଧାୟକ ଓ ମନ୍ତ୍ରୀ ଅରୁଣ କୁମାର ସାହୁଙ୍କ ଅଧ୍ୟକ୍ଷତାରେ ନୟାଗଡ଼ ନିର୍ବାଚନ ମଣ୍ଡଳୀ ସ୍ତରୀୟ ସମୀକ୍ଷା ବୈଠକ ଅନୁଷ୍ଠିତ ହୋଇଯାଇଛି। ଏହି ବୈଠକରେ ଜିଲ୍ଲାପାଳ ସହିତ ବରିଷ୍ଠ ଅଧିକାରୀମାନେ ଉପସ୍ଥିତ ଥିଲେ। ନୟାଗଡ଼ ବିଧାୟକ ଓ ମନ୍ତ୍ରୀ ଅରୁଣ କୁମାର ସାହୁଙ୍କ ଅଧ୍ୟକ୍ଷତାରେ ନୟାଗଡ଼ ନିର୍ବାଚନ ମଣ୍ଡଳୀ ସ୍ତରୀୟ ସମୀକ୍ଷା ବୈଠକ ଅନୁଷ୍ଠିତ ହୋଇଯାଇଛି। ଏହି ବୈଠକରେ ଜିଲ୍ଲାପାଳ ସହିତ ବରିଷ୍ଠ ଅଧିକାରୀମାନେ ଉପସ୍ଥିତ ଥିଲେ। ନୟାଗଡ଼ ବିଧାୟକ ଓ ମନ୍ତ୍ରୀ ଅରୁଣ କୁମାର ସାହୁଙ୍କ ଅଧ୍ୟକ୍ଷତାରେ ନୟାଗଡ଼ ନିର୍ବାଚନ ମଣ୍ଡଳୀ ସ୍ତରୀୟ ସମୀକ୍ଷା ବୈଠକ ଅନୁଷ୍ଠିତ ହୋଇଯାଇଛି। ଏହି
ଓଡ଼ିଶିଏଲର ଜମି ଅଧିଗ୍ରହଣକୁ ବିରୋଧ, ଘଟଣା ସ୍ଥଳରେ ପୁଲିସ ମୁତୟନ
କଳିଙ୍ଗନଗର,୧୪।୫ (ସଂଚାର ବ୍ୟୁରୋ):ଯାଜପୁର ଜିଲ୍ଲା କଳିଙ୍ଗନଗର ଅଞ୍ଚଳରେ ଜମି ଅଧିଗ୍ରହଣକୁ ନେଇ ସ୍ଥାନୀୟ ଲୋକଙ୍କ ଦ୍ୱାରା ବିରୋଧ ହେବାରୁ ଘଟଣାସ୍ଥଳରେ ପୁଲିସ ମୁତୟନ କରାଯାଇଛି। ଯାଜପୁର ଜିଲ୍ଲା କଳିଙ୍ଗନଗର ଅଞ୍ଚଳରେ ଜମି ଅଧିଗ୍ରହଣକୁ ନେଇ ସ୍ଥାନୀୟ ଲୋକଙ୍କ ଦ୍ୱାରା ବିରୋଧ ହେବାରୁ ଘଟଣାସ୍ଥଳରେ ପୁଲିସ ମୁତୟନ କରାଯାଇଛି। ଯାଜପୁର ଜିଲ୍ଲା କଳିଙ୍ଗନଗର ଅଞ୍ଚଳରେ ଜମି ଅଧିଗ୍ରହଣକୁ ନେଇ ସ୍ଥାନୀୟ ଲୋକଙ୍କ ଦ୍ୱାରା ବିରୋଧ ହେବାରୁ ଘଟଣାସ୍ଥଳରେ ପୁଲିସ ମୁତୟନ କରାଯାଇଛି। ଯାଜପୁର ଜିଲ୍ଲା
ଯାଜପୁର ଜିଲ୍ଲା କଳିଙ୍ଗନଗର ଅଞ୍ଚଳରେ ଜମି ଅଧିଗ୍ରହଣକୁ ନେଇ ସ୍ଥାନୀୟ ଲୋକଙ୍କ ଦ୍ୱାରା ବିରୋଧ ହେବାରୁ ଘଟଣାସ୍ଥଳରେ ପୁଲିସ ମୁତୟନ କରାଯାଇଛି। ଯାଜପୁର ଜିଲ୍ଲା କଳିଙ୍ଗନଗର
ଗାଈ ନେଉଥିବା ଗାଡ଼ିକୁ ଅଟକାଇ ପୋଡ଼ିଦେଲେ ଯୁବକ
ସମ୍ବଲପୁର,୧୪।୫ (ସଂଚାର ବ୍ୟୁରୋ):ଗାଈ ବୋଝେଇ କରି ନେଉଥିବା ଏକ ଗାଡ଼ିକୁ ଅଟକାଇ କିଛି ଯୁବକ ପୋଡ଼ିଦେଇଥିବା ଅଭିଯୋଗ ହୋଇଛି। ପୁଲିସ ଘଟଣାସ୍ଥଳରେ ପହଞ୍ଚି ତଦନ୍ତ ଆରମ୍ଭ କରିଛି। ଗାଈ ବୋଝେଇ କରି ନେଉଥିବା ଏକ ଗାଡ଼ିକୁ ଅଟକାଇ କିଛି ଯୁବକ ପୋଡ଼ିଦେଇଥିବା ଅଭିଯୋଗ ହୋଇଛି। ପୁଲିସ ଘଟଣାସ୍ଥଳରେ ପହଞ୍ଚି ତଦନ୍ତ ଆରମ୍ଭ କରିଛି। ଗାଈ ବୋଝେଇ କରି ନେଉଥିବା ଏକ ଗାଡ଼ିକୁ ଅଟକାଇ କିଛି ଯୁବକ ପୋଡ଼ିଦେଇଥିବା ଅଭିଯୋଗ ହୋଇଛି। ପୁଲିସ ଘଟଣାସ୍ଥଳରେ ପହଞ୍ଚି ତଦନ୍ତ ଆରମ୍ଭ କରିଛି। ଗାଈ ବୋଝେଇ କରି ନେଉଥିବା ଏକ ଗାଡ଼ିକୁ ଅଟକାଇ କିଛି ଯୁବକ ପୋଡ଼ିଦେଇଥିବା ଅଭିଯୋଗ ହୋଇଛି। ପୁଲିସ ଘଟଣାସ୍ଥଳରେ ପହଞ୍ଚି ତଦନ୍ତ ଆରମ୍ଭ କରିଛି। ଗାଈ ବୋଝେଇ କରି ନେଉଥିବା ଏକ ଗାଡ଼ିକୁ ଅଟକାଇ କିଛି ଯୁବକ ପୋଡ଼ିଦେଇଥିବା ଅଭିଯୋଗ ହୋଇଛି। ପୁଲିସ
ଡାକ୍ତରଖାନା ଉନ୍ନତିକରଣରେ ବାଧକ କିଏ
ଦେବିଗଡ଼,୧୪।୫ (ସଂଚାର ବ୍ୟୁରୋ):ମହକୁମାର ମହତ୍ତ୍ୱପୂର୍ଣ୍ଣ ସ୍ୱାସ୍ଥ୍ୟକେନ୍ଦ୍ର ଉନ୍ନତିକରଣ ପାଇଁ ଦୀର୍ଘ ଦିନ ଧରି ଦାବି କରାଯାଉଥିଲେ ମଧ୍ୟ ଏପର୍ଯ୍ୟନ୍ତ କୌଣସି ପଦକ୍ଷେପ ନିଆଯାଇନାହିଁ। ମହକୁମାର ମହତ୍ତ୍ୱପୂର୍ଣ୍ଣ ସ୍ୱାସ୍ଥ୍ୟକେନ୍ଦ୍ର ଉନ୍ନତିକରଣ ପାଇଁ ଦୀର୍ଘ ଦିନ ଧରି ଦାବି କରାଯାଉଥିଲେ ମଧ୍ୟ ଏପର୍ଯ୍ୟନ୍ତ କୌଣସି ପଦକ୍ଷେପ ନିଆଯାଇନାହିଁ। ମହକୁମାର ମହତ୍ତ୍ୱପୂର୍ଣ୍ଣ ସ୍ୱାସ୍ଥ୍ୟକେନ୍ଦ୍ର ଉନ୍ନତିକରଣ ପାଇଁ ଦୀର୍ଘ ଦିନ ଧରି ଦାବି କରାଯାଉଥିଲେ ମଧ୍ୟ ଏପର୍ଯ୍ୟନ୍ତ କୌଣସି ପଦକ୍ଷେପ ନିଆଯାଇନାହିଁ। ମହକୁମାର ମହତ୍ତ୍ୱପୂର୍ଣ୍ଣ ସ୍ୱାସ୍ଥ୍ୟକେନ୍ଦ୍ର ଉନ୍ନତିକରଣ ପାଇଁ ଦୀର୍ଘ ଦିନ ଧରି ଦାବି କରାଯାଉଥିଲେ ମଧ୍ୟ ଏପର୍ଯ୍ୟନ୍ତ କୌଣସି ପଦକ୍ଷେପ ନିଆଯାଇନାହିଁ। ମହକୁମାର ମହତ୍ତ୍ୱପୂର୍ଣ୍ଣ ସ୍ୱାସ୍ଥ୍ୟକେନ୍ଦ୍ର ଉନ୍ନତିକରଣ ପାଇଁ ଦୀର୍ଘ ଦିନ ଧରି ଦାବି କରାଯାଉଥିଲେ ମଧ୍ୟ ଏପର୍ଯ୍ୟନ୍ତ କୌଣସି ପଦକ୍ଷେପ ନିଆଯାଇନାହିଁ। ମହକୁମାର ମହତ୍ତ୍ୱପୂର୍ଣ୍ଣ ସ୍ୱାସ୍ଥ୍ୟକେନ୍ଦ୍ର ଉନ୍ନତିକରଣ ପାଇଁ ଦୀର୍ଘ ଦିନ ଧରି ଦାବି କରାଯାଉଥିଲେ ମଧ୍ୟ ଏପର୍ଯ୍ୟନ୍ତ କୌଣସି
ଗାଁ ଅର୍ଥନୀତିର ମେରୁଦଣ୍ଡ ସାପ୍ତାହିକ ହାଟ
କାଳିମେଲା,୧୪।୫ (ସଂଚାର ବ୍ୟୁରୋ):ସ୍ଥାନୀୟ ଅଞ୍ଚଳରେ ପ୍ରତି ସପ୍ତାହରେ ବସୁଥିବା ହାଟ ଗାଁ ଅର୍ଥନୀତିର ମେରୁଦଣ୍ଡ ସାଜିଛି। ଚାଷୀମାନେ ନିଜ ଉତ୍ପାଦିତ ପରିବା ବିକ୍ରି କରି ଲାଭବାନ ହେଉଛନ୍ତି। ସ୍ଥାନୀୟ ଅଞ୍ଚଳରେ ପ୍ରତି ସପ୍ତାହରେ ବସୁଥିବା ହାଟ ଗାଁ ଅର୍ଥନୀତିର ମେରୁଦଣ୍ଡ ସାଜିଛି। ଚାଷୀମାନେ ନିଜ ଉତ୍ପାଦିତ ପରିବା ବିକ୍ରି କରି ଲାଭବାନ
● ମାଛ, ଅନ୍ୟାନ୍ୟ ଦ୍ରବ୍ୟରେ ଦି ପଇସା ପଡ଼ିକି
● ହାଟ ପାଖାରେ ମିଳୁଛି ନିତ୍ୟବ୍ୟବହାର୍ଯ୍ୟ ସାମଗ୍ରୀ
ସ୍ଥାନୀୟ ଅଞ୍ଚଳରେ ପ୍ରତି ସପ୍ତାହରେ ବସୁଥିବା ହାଟ ଗାଁ ଅର୍ଥନୀତିର ମେରୁଦଣ୍ଡ ସାଜିଛି। ଚାଷୀମାନେ ନିଜ ଉତ୍ପାଦିତ ପରିବା ବିକ୍ରି କରି ଲାଭବାନ ହେଉଛନ୍ତି। ସ୍ଥାନୀୟ ଅଞ୍ଚଳରେ ପ୍ରତି ସପ୍ତାହରେ ବସୁଥିବା ହାଟ ଗାଁ ଅର୍ଥନୀତିର ମେରୁଦଣ୍ଡ ସାଜିଛି। ଚାଷୀମାନେ ନିଜ ଉତ୍ପାଦିତ ପରିବା ବିକ୍ରି କରି ଲାଭବାନ ହେଉଛନ୍ତି। ସ୍ଥାନୀୟ ଅଞ୍ଚଳରେ ପ୍ରତି ସପ୍ତାହରେ ବସୁଥିବା ହାଟ ଗାଁ ଅର୍ଥନୀତିର ମେରୁଦଣ୍ଡ ସାଜିଛି। ଚାଷୀମାନେ ନିଜ ଉତ୍ପାଦିତ ପରିବା ବିକ୍ରି କରି ଲାଭବାନ ହେଉଛନ୍ତି। ସ୍ଥାନୀୟ ଅଞ୍ଚଳରେ ପ୍ରତି ସପ୍ତାହରେ ବସୁଥିବା ହାଟ ଗାଁ ଅର୍ଥନୀତିର ମେରୁଦଣ୍ଡ ସାଜିଛି। ଚାଷୀମାନେ ନିଜ ଉତ୍ପାଦିତ ପରିବା ବିକ୍ରି କରି ଲାଭବାନ ହେଉଛନ୍ତି। ସ୍ଥାନୀୟ ଅଞ୍ଚଳରେ ପ୍ରତି ସପ୍ତାହରେ ବସୁଥିବା ହାଟ ଗାଁ ଅର୍ଥନୀତିର ମେରୁଦଣ୍ଡ ସାଜିଛି। ଚାଷୀମାନେ ନିଜ ଉତ୍ପାଦିତ ପରିବା ବିକ୍ରି କରି ଲାଭବାନ ହେଉଛନ୍ତି। ସ୍ଥାନୀୟ ଅଞ୍ଚଳରେ ପ୍ରତି ସପ୍ତାହରେ ବସୁଥିବା ହାଟ ଗାଁ ଅର୍ଥନୀତିର ମେରୁଦଣ୍ଡ ସାଜିଛି। ଚାଷୀମାନେ ନିଜ ଉତ୍ପାଦିତ ପରିବା ବିକ୍ରି କରି ଲାଭବାନ ହେଉଛନ୍ତି। ସ୍ଥାନୀୟ ଅଞ୍ଚଳରେ ପ୍ରତି ସପ୍ତାହରେ ବସୁଥିବା ହାଟ ଗାଁ ଅର୍ଥନୀତିର ମେରୁଦଣ୍ଡ ସାଜିଛି। ଚାଷୀମାନେ ନିଜ ଉତ୍ପାଦିତ ପରିବା ବିକ୍ରି କରି ଲାଭବାନ ହେଉଛନ୍ତି। ସ୍ଥାନୀୟ ଅଞ୍ଚଳରେ ପ୍ରତି ସପ୍ତାହରେ ବସୁଥିବା ହାଟ ଗାଁ ଅର୍ଥନୀତିର ମେରୁଦଣ୍ଡ ସାଜିଛି। ଚାଷୀମାନେ ନିଜ ଉତ୍ପାଦିତ ପରିବା ବିକ୍ରି କରି ଲାଭବାନ ହେଉଛନ୍ତି। ସ୍ଥାନୀୟ ଅଞ୍ଚଳରେ ପ୍ରତି ସପ୍ତାହରେ ବସୁଥିବା ହାଟ ଗାଁ ଅର୍ଥନୀତିର ମେରୁଦଣ୍ଡ ସାଜିଛି। ଚାଷୀମାନେ ନିଜ ଉତ୍ପାଦିତ ପରିବା ବିକ୍ରି କରି ଲାଭବାନ ହେଉଛନ୍ତି। ସ୍ଥାନୀୟ ଅଞ୍ଚଳରେ ପ୍ରତି ସପ୍ତାହରେ ବସୁଥିବା ହାଟ
ସ୍ଥାନୀୟ ଅଞ୍ଚଳରେ ପ୍ରତି ସପ୍ତାହରେ ବସୁଥିବା ହାଟ ଗାଁ ଅର୍ଥନୀତିର ମେରୁଦଣ୍ଡ ସାଜିଛି। ଚାଷୀମାନେ ନିଜ ଉତ୍ପାଦିତ ପରିବା ବିକ୍ରି କରି ଲାଭବାନ ହେଉଛନ୍ତି। ସ୍ଥାନୀୟ ଅଞ୍ଚଳରେ ପ୍ରତି ସପ୍ତାହରେ ବସୁଥିବା ହାଟ ଗାଁ ଅର୍ଥନୀତିର ମେରୁଦଣ୍ଡ ସାଜିଛି। ଚାଷୀମାନେ ନିଜ ଉତ୍ପାଦିତ ପରିବା ବିକ୍ରି କରି ଲାଭବାନ ହେଉଛନ୍ତି। ସ୍ଥାନୀୟ ଅଞ୍ଚଳରେ ପ୍ରତି ସପ୍ତାହରେ ବସୁଥିବା ହାଟ ଗାଁ ଅର୍ଥନୀତିର ମେରୁଦଣ୍ଡ ସାଜିଛି। ଚାଷୀମାନେ ନିଜ ଉତ୍ପାଦିତ ପରିବା ବିକ୍ରି କରି ଲାଭବାନ ହେଉଛନ୍ତି। ସ୍ଥାନୀୟ ଅଞ୍ଚଳରେ ପ୍ରତି ସପ୍ତାହରେ ବସୁଥିବା ହାଟ ଗାଁ ଅର୍ଥନୀତିର ମେରୁଦଣ୍ଡ ସାଜିଛି। ଚାଷୀମାନେ ନିଜ ଉତ୍ପାଦିତ ପରିବା ବିକ୍ରି କରି ଲାଭବାନ ହେଉଛନ୍ତି। ସ୍ଥାନୀୟ ଅଞ୍ଚଳରେ ପ୍ରତି ସପ୍ତାହରେ ବସୁଥିବା ହାଟ ଗାଁ ଅର୍ଥନୀତିର ମେରୁଦଣ୍ଡ ସାଜିଛି। ଚାଷୀମାନେ ନିଜ ଉତ୍ପାଦିତ ପରିବା ବିକ୍ରି କରି ଲାଭବାନ ହେଉଛନ୍ତି। ସ୍ଥାନୀୟ ଅଞ୍ଚଳରେ ପ୍ରତି ସପ୍ତାହରେ ବସୁଥିବା ହାଟ ଗାଁ ଅର୍ଥନୀତିର ମେରୁଦଣ୍ଡ ସାଜିଛି। ଚାଷୀମାନେ ନିଜ ଉତ୍ପାଦିତ ପରିବା ବିକ୍ରି କରି ଲାଭବାନ ହେଉଛନ୍ତି। ସ୍ଥାନୀୟ ଅଞ୍ଚଳରେ ପ୍ରତି ସପ୍ତାହରେ ବସୁଥିବା ହାଟ ଗାଁ ଅର୍ଥନୀତିର ମେରୁଦଣ୍ଡ ସାଜିଛି। ଚାଷୀମାନେ ନିଜ ଉତ୍ପାଦିତ ପରିବା ବିକ୍ରି କରି ଲାଭବାନ ହେଉଛନ୍ତି। ସ୍ଥାନୀୟ ଅଞ୍ଚଳରେ ପ୍ରତି ସପ୍ତାହରେ ବସୁଥିବା ହାଟ ଗାଁ ଅର୍ଥନୀତିର ମେରୁଦଣ୍ଡ ସାଜିଛି। ଚାଷୀମାନେ ନିଜ ଉତ୍ପାଦିତ ପରିବା ବିକ୍ରି କରି ଲାଭବାନ ହେଉଛନ୍ତି। ସ୍ଥାନୀୟ ଅଞ୍ଚଳରେ ପ୍ରତି ସପ୍ତାହରେ ବସୁଥିବା ହାଟ ଗାଁ ଅର୍ଥନୀତିର ମେରୁଦଣ୍ଡ ସାଜିଛି। ଚାଷୀମାନେ ନିଜ ଉତ୍ପାଦିତ ପରିବା ବିକ୍ରି କରି ଲାଭବାନ ହେଉଛନ୍ତି। ସ୍ଥାନୀୟ ଅଞ୍ଚଳରେ ପ୍ରତି ସପ୍ତାହରେ ବସୁଥିବା ହାଟ
ଜୟନଗରରେ ଜବରଦଖଲ ଉଚ୍ଛେଦ
ଜୟନଗର,୧୪।୫ (ସଂଚାର ବ୍ୟୁରୋ):ପ୍ରଶାସନ ପକ୍ଷରୁ ଜୟନଗର ବଜାର ଅଞ୍ଚଳରେ ସରକାରୀ ଜମିରେ ହୋଇଥିବା ଜବରଦଖଲ ଉଚ୍ଛେଦ କରାଯାଇଛି। ଦୋକାନୀମାନଙ୍କୁ ପୂର୍ବରୁ ନୋଟିସ ଦିଆଯାଇଥିଲା। ପ୍ରଶାସନ ପକ୍ଷରୁ ଜୟନଗର ବଜାର ଅଞ୍ଚଳରେ ସରକାରୀ ଜମିରେ ହୋଇଥିବା ଜବରଦଖଲ ଉଚ୍ଛେଦ କରାଯାଇଛି। ଦୋକାନୀମାନଙ୍କୁ ପୂର୍ବରୁ ନୋଟିସ ଦିଆଯାଇଥିଲା। ପ୍ରଶାସନ ପକ୍ଷରୁ ଜୟନଗର ବଜାର ଅଞ୍ଚଳରେ ସରକାରୀ ଜମିରେ ହୋଇଥିବା ଜବରଦଖଲ ଉଚ୍ଛେଦ କରାଯାଇଛି। ଦୋକାନୀମାନଙ୍କୁ ପୂର୍ବରୁ ନୋଟିସ ଦିଆଯାଇଥିଲା। ପ୍ରଶାସନ ପକ୍ଷରୁ ଜୟନଗର ବଜାର ଅଞ୍ଚଳରେ ସରକାରୀ ଜମିରେ ହୋଇଥିବା ଜବରଦଖଲ ଉଚ୍ଛେଦ କରାଯାଇଛି। ଦୋକାନୀମାନଙ୍କୁ ପୂର୍ବରୁ ନୋଟିସ ଦିଆଯାଇଥିଲା। ପ୍ରଶାସନ ପକ୍ଷରୁ ଜୟନଗର ବଜାର ଅଞ୍ଚଳରେ ସରକାରୀ ଜମିରେ ହୋଇଥିବା ଜବରଦଖଲ ଉଚ୍ଛେଦ କରାଯାଇଛି। ଦୋକାନୀମାନଙ୍କୁ ପୂର୍ବରୁ ନୋଟିସ ଦିଆଯାଇଥିଲା। ପ୍ରଶାସନ ପକ୍ଷରୁ ଜୟନଗର ବଜାର ଅଞ୍ଚଳରେ ସରକାରୀ ଜମିରେ ହୋଇଥିବା ଜବରଦଖଲ ଉଚ୍ଛେଦ କରାଯାଇଛି। ଦୋକାନୀମାନଙ୍କୁ ପୂର୍ବରୁ ନୋଟିସ ଦିଆଯାଇଥିଲା। ପ୍ରଶାସନ ପକ୍ଷରୁ ଜୟନଗର ବଜାର ଅଞ୍ଚଳରେ ସରକାରୀ ଜମିରେ ହୋଇଥିବା ଜବରଦଖଲ ଉଚ୍ଛେଦ କରାଯାଇଛି। ଦୋକାନୀମାନଙ୍କୁ ପୂର୍ବରୁ ନୋଟିସ ଦିଆଯାଇଥିଲା। ପ୍ରଶାସନ ପକ୍ଷରୁ ଜୟନଗର ବଜାର ଅଞ୍ଚଳରେ ସରକାରୀ ଜମିରେ ହୋଇଥିବା ଜବରଦଖଲ ଉଚ୍ଛେଦ କରାଯାଇଛି। ଦୋକାନୀମାନଙ୍କୁ ପୂର୍ବରୁ ନୋଟିସ ଦିଆଯାଇଥିଲା। ପ୍ରଶାସନ ପକ୍ଷରୁ ଜୟନଗର ବଜାର ଅଞ୍ଚଳରେ ସରକାରୀ ଜମିରେ ହୋଇଥିବା ଜବରଦଖଲ ଉଚ୍ଛେଦ କରାଯାଇଛି। ଦୋକାନୀମାନଙ୍କୁ ପୂର୍ବରୁ ନୋଟିସ ଦିଆଯାଇଥିଲା। ପ୍ରଶାସନ ପକ୍ଷରୁ ଜୟନଗର ବଜାର ଅଞ୍ଚଳରେ ସରକାରୀ ଜମିରେ ହୋଇଥିବା ଜବରଦଖଲ ଉଚ୍ଛେଦ କରାଯାଇଛି। ଦୋକାନୀମାନଙ୍କୁ ପୂର୍ବରୁ ନୋଟିସ ଦିଆଯାଇଥିଲା। ପ୍ରଶାସନ ପକ୍ଷରୁ ଜୟନଗର ବଜାର ଅଞ୍ଚଳରେ ସରକାରୀ ଜମିରେ ହୋଇଥିବା ଜବରଦଖଲ ଉଚ୍ଛେଦ କରାଯାଇଛି। ଦୋକାନୀମାନଙ୍କୁ ପୂର୍ବରୁ ନୋଟିସ ଦିଆଯାଇଥିଲା। ପ୍ରଶାସନ ପକ୍ଷରୁ ଜୟନଗର ବଜାର ଅଞ୍ଚଳରେ ସରକାରୀ ଜମିରେ ହୋଇଥିବା ଜବରଦଖଲ ଉଚ୍ଛେଦ କରାଯାଇଛି। ଦୋକାନୀମାନଙ୍କୁ ପୂର୍ବରୁ ନୋଟିସ ଦିଆଯାଇଥିଲା। ପ୍ରଶାସନ ପକ୍ଷରୁ ଜୟନଗର ବଜାର ଅଞ୍ଚଳରେ ସରକାରୀ ଜମିରେ ହୋଇଥିବା ଜବରଦଖଲ ଉଚ୍ଛେଦ କରାଯାଇଛି। ଦୋକାନୀମାନଙ୍କୁ ପୂର୍ବରୁ ନୋଟିସ ଦିଆଯାଇଥିଲା। ପ୍ରଶାସନ ପକ୍ଷରୁ ଜୟନଗର ବଜାର ଅଞ୍ଚଳରେ ସରକାରୀ ଜମିରେ ହୋଇଥିବା ଜବରଦଖଲ ଉଚ୍ଛେଦ କରାଯାଇଛି। ଦୋକାନୀମାନଙ୍କୁ ପୂର୍ବରୁ ନୋଟିସ ଦିଆଯାଇଥିଲା। ପ୍ରଶାସନ ପକ୍ଷରୁ ଜୟନଗର ବଜାର ଅଞ୍ଚଳରେ ସରକାରୀ ଜମିରେ ହୋଇଥିବା ଜବରଦଖଲ ଉଚ୍ଛେଦ କରାଯାଇଛି। ଦୋକାନୀମାନଙ୍କୁ ପୂର୍ବରୁ ନୋଟିସ ଦିଆଯାଇଥିଲା। ପ୍ରଶାସନ ପକ୍ଷରୁ ଜୟନଗର ବଜାର ଅଞ୍ଚଳରେ ସରକାରୀ ଜମିରେ ହୋଇଥିବା ଜବରଦଖଲ ଉଚ୍ଛେଦ କରାଯାଇଛି। ଦୋକାନୀମାନଙ୍କୁ ପୂର୍ବରୁ ନୋଟିସ ଦିଆଯାଇଥିଲା। ପ୍ରଶାସନ ପକ୍ଷରୁ ଜୟନଗର ବଜାର ଅଞ୍ଚଳରେ ସରକାରୀ ଜମିରେ ହୋଇଥିବା ଜବରଦଖଲ ଉଚ୍ଛେଦ କରାଯାଇଛି। ଦୋକାନୀମାନଙ୍କୁ ପୂର୍ବରୁ ନୋଟିସ ଦିଆଯାଇଥିଲା। ପ୍ରଶାସନ ପକ୍ଷରୁ ଜୟନଗର ବଜାର ଅଞ୍ଚଳରେ ସରକାରୀ ଜମିରେ ହୋଇଥିବା ଜବରଦଖଲ ଉଚ୍ଛେଦ କରାଯାଇଛି। ଦୋକାନୀମାନଙ୍କୁ ପୂର୍ବରୁ ନୋଟିସ ଦିଆଯାଇଥିଲା। ପ୍ରଶାସନ ପକ୍ଷରୁ ଜୟନଗର ବଜାର ଅଞ୍ଚଳରେ ସରକାରୀ ଜମିରେ ହୋଇଥିବା ଜବରଦଖଲ ଉଚ୍ଛେଦ କରାଯାଇଛି।
